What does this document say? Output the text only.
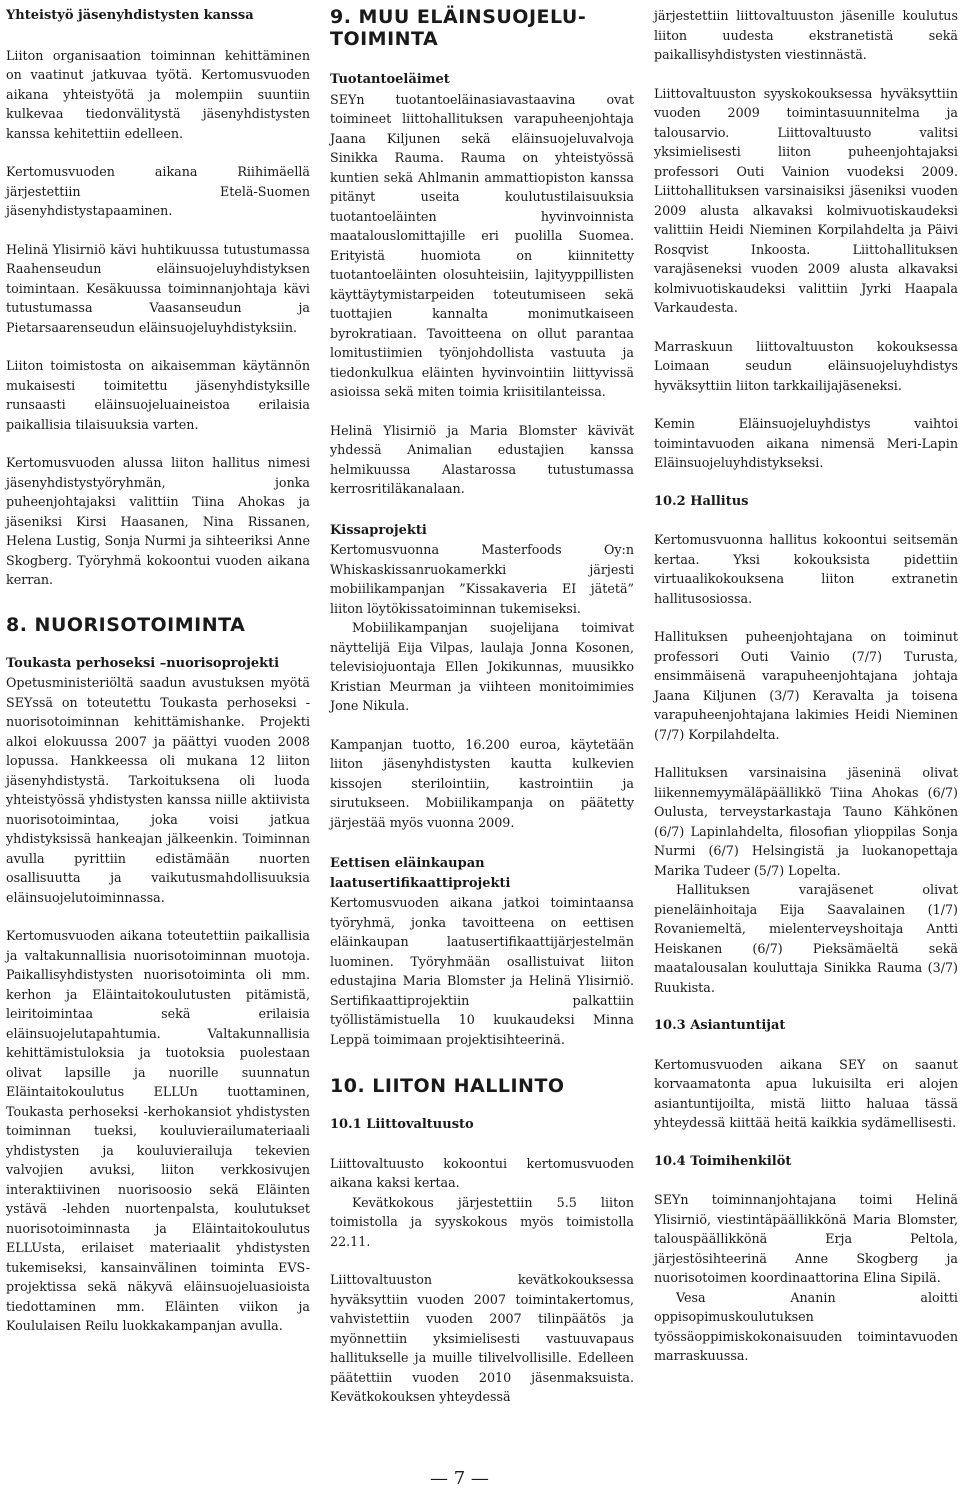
Yhteistyö jäsenyhdistysten kanssa

Liiton organisaation toiminnan kehittäminen on vaatinut jatkuvaa työtä. Kertomusvuoden aikana yhteistyötä ja molempiin suuntiin kulkevaa tiedonvälitystä jäsenyhdistysten kanssa kehitettiin edelleen.

Kertomusvuoden aikana Riihimäellä järjestettiin Etelä-Suomen jäsenyhdistystapaaminen.

Helinä Ylisirniö kävi huhtikuussa tutustumassa Raahenseudun eläinsuojeluyhdistyksen toimintaan. Kesäkuussa toiminnanjohtaja kävi tutustumassa Vaasanseudun ja Pietarsaarenseudun eläinsuojeluyhdistyksiin.

Liiton toimistosta on aikaisemman käytännön mukaisesti toimitettu jäsenyhdistyksille runsaasti eläinsuojeluaineistoa erilaisia paikallisia tilaisuuksia varten.

Kertomusvuoden alussa liiton hallitus nimesi jäsenyhdistystyöryhmän, jonka puheenjohtajaksi valittiin Tiina Ahokas ja jäseniksi Kirsi Haasanen, Nina Rissanen, Helena Lustig, Sonja Nurmi ja sihteeriksi Anne Skogberg. Työryhmä kokoontui vuoden aikana kerran.

8. NUORISOTOIMINTA

Toukasta perhoseksi –nuorisoprojekti

Opetusministeriöltä saadun avustuksen myötä SEYssä on toteutettu Toukasta perhoseksi -nuorisotoiminnan kehittämishanke. Projekti alkoi elokuussa 2007 ja päättyi vuoden 2008 lopussa. Hankkeessa oli mukana 12 liiton jäsenyhdistystä. Tarkoituksena oli luoda yhteistyössä yhdistysten kanssa niille aktiivista nuorisotoimintaa, joka voisi jatkua yhdistyksissä hankeajan jälkeenkin. Toiminnan avulla pyrittiin edistämään nuorten osallisuutta ja vaikutusmahdollisuuksia eläinsuojelutoiminnassa.

Kertomusvuoden aikana toteutettiin paikallisia ja valtakunnallisia nuorisotoiminnan muotoja. Paikallisyhdistysten nuorisotoiminta oli mm. kerhon ja Eläintaitokoulutusten pitämistä, leiritoimintaa sekä erilaisia eläinsuojelutapahtumia. Valtakunnallisia kehittämistuloksia ja tuotoksia puolestaan olivat lapsille ja nuorille suunnatun Eläintaitokoulutus ELLUn tuottaminen, Toukasta perhoseksi -kerhokansiot yhdistysten toiminnan tueksi, kouluvierailumateriaali yhdistysten ja kouluvierailuja tekevien valvojien avuksi, liiton verkkosivujen interaktiivinen nuorisoosio sekä Eläinten ystävä -lehden nuortenpalsta, koulutukset nuorisotoiminnasta ja Eläintaitokoulutus ELLUsta, erilaiset materiaalit yhdistysten tukemiseksi, kansainvälinen toiminta EVS-projektissa sekä näkyvä eläinsuojeluasioista tiedottaminen mm. Eläinten viikon ja Koululaisen Reilu luokkakampanjan avulla.

9. MUU ELÄINSUOJELU-TOIMINTA

Tuotantoeläimet

SEYn tuotantoeläinasiavastaavina ovat toimineet liittohallituksen varapuheenjohtaja Jaana Kiljunen sekä eläinsuojeluvalvoja Sinikka Rauma. Rauma on yhteistyössä kuntien sekä Ahlmanin ammattiopiston kanssa pitänyt useita koulutustilaisuuksia tuotantoeläinten hyvinvoinnista maatalouslomittajille eri puolilla Suomea. Erityistä huomiota on kiinnitetty tuotantoeläinten olosuhteisiin, lajityyppillisten käyttäytymistarpeiden toteutumiseen sekä tuottajien kannalta monimutkaiseen byrokratiaan. Tavoitteena on ollut parantaa lomitustiimien työnjohdollista vastuuta ja tiedonkulkua eläinten hyvinvointiin liittyvissä asioissa sekä miten toimia kriisitilanteissa.

Helinä Ylisirniö ja Maria Blomster kävivät yhdessä Animalian edustajien kanssa helmikuussa Alastarossa tutustumassa kerrosritiläkanalaan.

Kissaprojekti

Kertomusvuonna Masterfoods Oy:n Whiskaskissanruokamerkki järjesti mobiilikampanjan ”Kissakaveria EI jätetä” liiton löytökissatoiminnan tukemiseksi.

Mobiilikampanjan suojelijana toimivat näyttelijä Eija Vilpas, laulaja Jonna Kosonen, televisiojuontaja Ellen Jokikunnas, muusikko Kristian Meurman ja viihteen monitoimimies Jone Nikula.

Kampanjan tuotto, 16.200 euroa, käytetään liiton jäsenyhdistysten kautta kulkevien kissojen sterilointiin, kastrointiin ja sirutukseen. Mobiilikampanja on päätetty järjestää myös vuonna 2009.

Eettisen eläinkaupan laatusertifikaattiprojekti

Kertomusvuoden aikana jatkoi toimintaansa työryhmä, jonka tavoitteena on eettisen eläinkaupan laatusertifikaattijärjestelmän luominen. Työryhmään osallistuivat liiton edustajina Maria Blomster ja Helinä Ylisirniö. Sertifikaattiprojektiin palkattiin työllistämistuella 10 kuukaudeksi Minna Leppä toimimaan projektisihteerinä.

10. LIITON HALLINTO

10.1 Liittovaltuusto

Liittovaltuusto kokoontui kertomusvuoden aikana kaksi kertaa.

Kevätkokous järjestettiin 5.5 liiton toimistolla ja syyskokous myös toimistolla 22.11.

Liittovaltuuston kevätkokouksessa hyväksyttiin vuoden 2007 toimintakertomus, vahvistettiin vuoden 2007 tilinpäätös ja myönnettiin yksimielisesti vastuuvapaus hallitukselle ja muille tilivelvollisille. Edelleen päätettiin vuoden 2010 jäsenmaksuista. Kevätkokouksen yhteydessä

järjestettiin liittovaltuuston jäsenille koulutus liiton uudesta ekstranetistä sekä paikallisyhdistysten viestinnästä.

Liittovaltuuston syyskokouksessa hyväksyttiin vuoden 2009 toimintasuunnitelma ja talousarvio. Liittovaltuusto valitsi yksimielisesti liiton puheenjohtajaksi professori Outi Vainion vuodeksi 2009. Liittohallituksen varsinaisiksi jäseniksi vuoden 2009 alusta alkavaksi kolmivuotiskaudeksi valittiin Heidi Nieminen Korpilahdelta ja Päivi Rosqvist Inkoosta. Liittohallituksen varajäseneksi vuoden 2009 alusta alkavaksi kolmivuotiskaudeksi valittiin Jyrki Haapala Varkaudesta.

Marraskuun liittovaltuuston kokouksessa Loimaan seudun eläinsuojeluyhdistys hyväksyttiin liiton tarkkailijajäseneksi.

Kemin Eläinsuojeluyhdistys vaihtoi toimintavuoden aikana nimensä Meri-Lapin Eläinsuojeluyhdistykseksi.

10.2 Hallitus

Kertomusvuonna hallitus kokoontui seitsemän kertaa. Yksi kokouksista pidettiin virtuaalikokouksena liiton extranetin hallitusosiossa.

Hallituksen puheenjohtajana on toiminut professori Outi Vainio (7/7) Turusta, ensimmäisenä varapuheenjohtajana johtaja Jaana Kiljunen (3/7) Keravalta ja toisena varapuheenjohtajana lakimies Heidi Nieminen (7/7) Korpilahdelta.

Hallituksen varsinaisina jäseninä olivat liikennemyymäläpäällikkö Tiina Ahokas (6/7) Oulusta, terveystarkastaja Tauno Kähkönen (6/7) Lapinlahdelta, filosofian ylioppilas Sonja Nurmi (6/7) Helsingistä ja luokanopettaja Marika Tudeer (5/7) Lopelta.

Hallituksen varajäsenet olivat pieneläinhoitaja Eija Saavalainen (1/7) Rovaniemeltä, mielenterveyshoitaja Antti Heiskanen (6/7) Pieksämäeltä sekä maatalousalan kouluttaja Sinikka Rauma (3/7) Ruukista.

10.3 Asiantuntijat

Kertomusvuoden aikana SEY on saanut korvaamatonta apua lukuisilta eri alojen asiantuntijoilta, mistä liitto haluaa tässä yhteydessä kiittää heitä kaikkia sydämellisesti.

10.4 Toimihenkilöt

SEYn toiminnanjohtajana toimi Helinä Ylisirniö, viestintäpäällikkönä Maria Blomster, talouspäällikkönä Erja Peltola, järjestösihteerinä Anne Skogberg ja nuorisotoimen koordinaattorina Elina Sipilä.

Vesa Ananin aloitti oppisopimuskoulutuksen työssäoppimiskokonaisuuden toimintavuoden marraskuussa.

— 7 —
